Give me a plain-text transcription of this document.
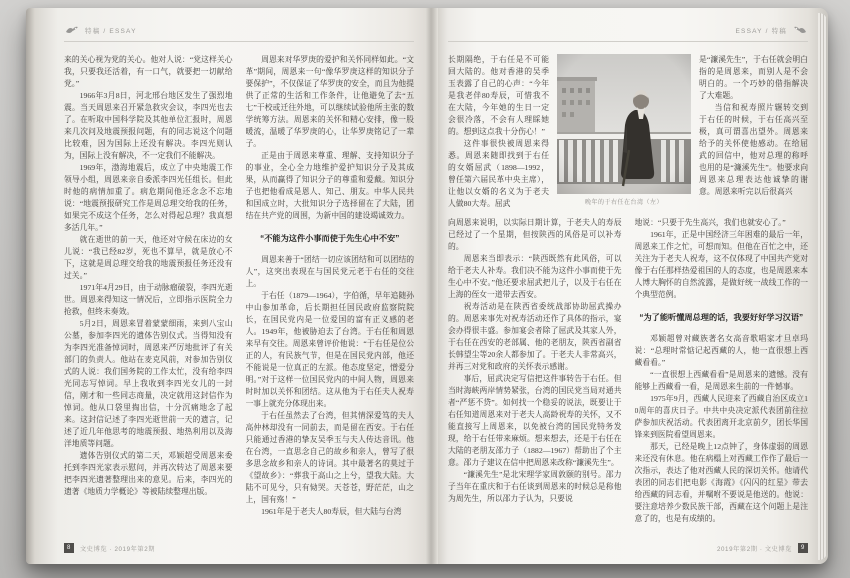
特稿 / ESSAY

来的关心视为党的关心。他对人说：“党这样关心我，只要我还活着，有一口气，就要把一切献给党。”

1966年3月8日，河北邢台地区发生了强烈地震。当天周恩来召开紧急救灾会议，李四光也去了。在听取中国科学院及其他单位汇报时，周恩来几次问及地震预报问题，有的同志说这个问题比较难，因为国际上还没有解决。李四光则认为，国际上没有解决，不一定我们不能解决。

1969年，渤海地震后，成立了中央地震工作领导小组，周恩来亲自委派李四光任组长。但此时他的病情加重了。病危期间他还念念不忘地说：“地震预报研究工作是周总理交给我的任务，如果完不成这个任务，怎么对得起总理？我真想多活几年。”

就在逝世的前一天，他还对守候在床边的女儿说：“我已经82岁，死也不算早，就是放心不下，这就是周总理交给我的地震预报任务还没有过关。”

1971年4月29日，由于动脉瘤破裂，李四光逝世。周恩来得知这一情况后，立即指示医院全力抢救，但终未奏效。

5月2日，周恩来冒着蒙蒙细雨，来到八宝山公墓，参加李四光的遗体告别仪式。当得知没有为李四光准备悼词时，周恩来严厉地批评了有关部门的负责人。他站在麦克风前，对参加告别仪式的人说：我们国务院的工作太忙，没有给李四光同志写悼词。早上我收到李四光女儿的一封信，刚才和一些同志商量，决定就用这封信作为悼词。他从口袋里掏出信，十分沉痛地念了起来。这封信记述了李四光逝世前一天的遗言，记述了近几年他思考的地震预报、地热利用以及海洋地质等问题。

遗体告别仪式的第二天，邓颖超受周恩来委托到李四光家表示慰问，并再次转达了周恩来要把李四光遗著整理出来的意见。后来，李四光的遗著《地质力学概论》等被陆续整理出版。

周恩来对华罗庚的爱护和关怀同样如此。“文革”期间，周恩来一句“像华罗庚这样的知识分子要保护”，不仅保证了华罗庚的安全，而且为他提供了正常的生活和工作条件，让他避免了去“五七”干校或迁往外地，可以继续试验他所主张的数学统筹方法。周恩来的关怀和精心安排，像一股暖流，温暖了华罗庚的心，让华罗庚铭记了一辈子。

正是由于周恩来尊重、理解、支持知识分子的事业，全心全力地维护爱护知识分子及其成果，从而赢得了知识分子的尊重和爱戴。知识分子也把他看成是恩人、知己、朋友。中华人民共和国成立时，大批知识分子选择留在了大陆，团结在共产党的周围，为新中国的建设竭诚效力。

“不能为这件小事而使于先生心中不安”

周恩来善于“团结一切应该团结和可以团结的人”，这突出表现在与国民党元老于右任的交往上。

于右任（1879—1964），字伯循，早年追随孙中山参加革命，后长期担任国民政府监察院院长，在国民党内是一位爱国的富有正义感的老人。1949年，他被胁迫去了台湾。于右任和周恩来早有交往。周恩来曾评价他说：“于右任是位公正的人，有民族气节，但是在国民党内部，他还不能说是一位真正的左派。他态度坚定，憎爱分明。”对于这样一位国民党内的中间人物，周恩来时时加以关怀和团结。这从他为于右任夫人祝寿一事上就充分体现出来。

于右任虽然去了台湾，但其情深爱笃的夫人高仲林却没有一同前去，而是留在西安。于右任只能通过香港的挚友吴季玉与夫人传达音讯。他在台湾，一直思念自己的故乡和亲人，曾写了很多思念故乡和亲人的诗词。其中最著名的莫过于《望故乡》：“葬我于高山之上兮，望我大陆。大陆不可见兮，只有恸哭。天苍苍，野茫茫，山之上，国有殇！”

1961年是于老夫人80寿辰，但大陆与台湾

8	文史博览 · 2019年第2期
ESSAY / 特稿

长期隔绝，于右任是不可能回大陆的。他对香港的吴季玉表露了自己的心声：“今年是我老伴80寿辰，可惜我不在大陆，今年她的生日一定会很冷落，不会有人理睬她的。想到这点我十分伤心！”

这件事很快被周恩来得悉。周恩来随即找到于右任的女婿屈武（1898—1992，曾任第六届民革中央主席），让他以女婿的名义为于老夫人做80大寿。屈武	晚年的于右任在台湾（左）

是“濂溪先生”，于右任就会明白指的是周恩来，而别人是不会明白的。一个巧妙的借指解决了大难题。

当信和祝寿照片辗转交到于右任的时候，于右任高兴至极，真可谓喜出望外。周恩来给予的关怀使他感动。在给屈武的回信中，他对总理的称呼也用的是“濂溪先生”。他要求向周恩来总理表达他诚挚的谢意。周恩来听完以后很高兴

向周恩来说明，以实际日期计算，于老夫人的寿辰已经过了一个星期，但按陕西的风俗是可以补寿的。

周恩来当即表示：“陕西既然有此风俗，可以给于老夫人补寿。我们决不能为这件小事而使于先生心中不安。”他还要求屈武把儿子，以及于右任在上海的侄女一道带去西安。

祝寿活动是在陕西省委统战部协助屈武操办的。周恩来事先对祝寿活动还作了具体的指示，宴会办得很丰盛。参加宴会者除了屈武及其家人外，于右任在西安的老部属、他的老朋友，陕西省副省长韩望尘等20余人都参加了。于老夫人非常高兴，并再三对党和政府的关怀表示感谢。

事后，屈武决定写信把这件事转告于右任。但当时海峡两岸情势紧张，台湾的国民党当局对通共者“严惩不贷”。如何找一个稳妥的说法，既要让于右任知道周恩来对于老夫人高龄祝寿的关怀，又不能直接写上周恩来，以免被台湾的国民党特务发现，给于右任带来麻烦。想来想去，还是于右任在大陆的老朋友邵力子（1882—1967）帮助出了个主意。邵力子建议在信中把周恩来改称“濂溪先生”。

“濂溪先生”是北宋理学家周敦颐的别号。邵力子当年在重庆和于右任谈到周恩来的时候总是称他为周先生，所以邵力子认为，只要说

地说：“只要于先生高兴，我们也就安心了。”

1961年，正是中国经济三年困难的最后一年，周恩来工作之忙，可想而知。但他在百忙之中，还关注为于老夫人祝寿，这不仅体现了中国共产党对像于右任那样热爱祖国的人的态度，也是周恩来本人博大胸怀的自然流露，是做好统一战线工作的一个典型范例。

“为了能听懂周总理的话，我要好好学习汉语”

邓颖超曾对藏族著名女高音歌唱家才旦卓玛说：“总理时常惦记起西藏的人，他一直很想上西藏看看。”

“一直很想上西藏看看”是周恩来的遗憾。没有能够上西藏看一看，是周恩来生前的一件憾事。

1975年9月，西藏人民迎来了西藏自治区成立10周年的喜庆日子。中共中央决定派代表团前往拉萨参加庆祝活动。代表团离开北京前夕，团长华国锋来到医院看望周恩来。

那天，已经是晚上12点钟了，身体虚弱的周恩来还没有休息。他在病榻上对西藏工作作了最后一次指示，表达了他对西藏人民的深切关怀。他请代表团的同志们把电影《海霞》《闪闪的红星》带去给西藏的同志看，并嘱咐不要说是他送的。他说：要注意培养少数民族干部，西藏在这个问题上是注意了的，也是有成绩的。

2019年第2期 · 文史博览	9
